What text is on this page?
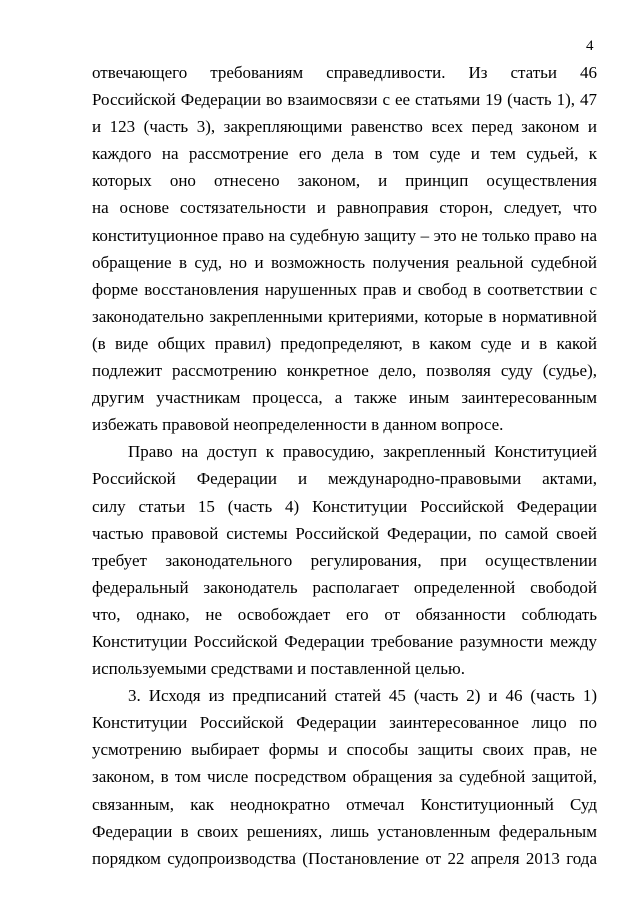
4
отвечающего требованиям справедливости. Из статьи 46
Российской Федерации во взаимосвязи с ее статьями 19 (часть 1), 47
и 123 (часть 3), закрепляющими равенство всех перед законом и
каждого на рассмотрение его дела в том суде и тем судьей, к
которых оно отнесено законом, и принцип осуществления
на основе состязательности и равноправия сторон, следует, что
конституционное право на судебную защиту – это не только право на
обращение в суд, но и возможность получения реальной судебной
форме восстановления нарушенных прав и свобод в соответствии с
законодательно закрепленными критериями, которые в нормативной
(в виде общих правил) предопределяют, в каком суде и в какой
подлежит рассмотрению конкретное дело, позволяя суду (судье),
другим участникам процесса, а также иным заинтересованным
избежать правовой неопределенности в данном вопросе.
Право на доступ к правосудию, закрепленный Конституцией
Российской Федерации и международно-правовыми актами,
силу статьи 15 (часть 4) Конституции Российской Федерации
частью правовой системы Российской Федерации, по самой своей
требует законодательного регулирования, при осуществлении
федеральный законодатель располагает определенной свободой
что, однако, не освобождает его от обязанности соблюдать
Конституции Российской Федерации требование разумности между
используемыми средствами и поставленной целью.
3. Исходя из предписаний статей 45 (часть 2) и 46 (часть 1)
Конституции Российской Федерации заинтересованное лицо по
усмотрению выбирает формы и способы защиты своих прав, не
законом, в том числе посредством обращения за судебной защитой,
связанным, как неоднократно отмечал Конституционный Суд
Федерации в своих решениях, лишь установленным федеральным
порядком судопроизводства (Постановление от 22 апреля 2013 года
